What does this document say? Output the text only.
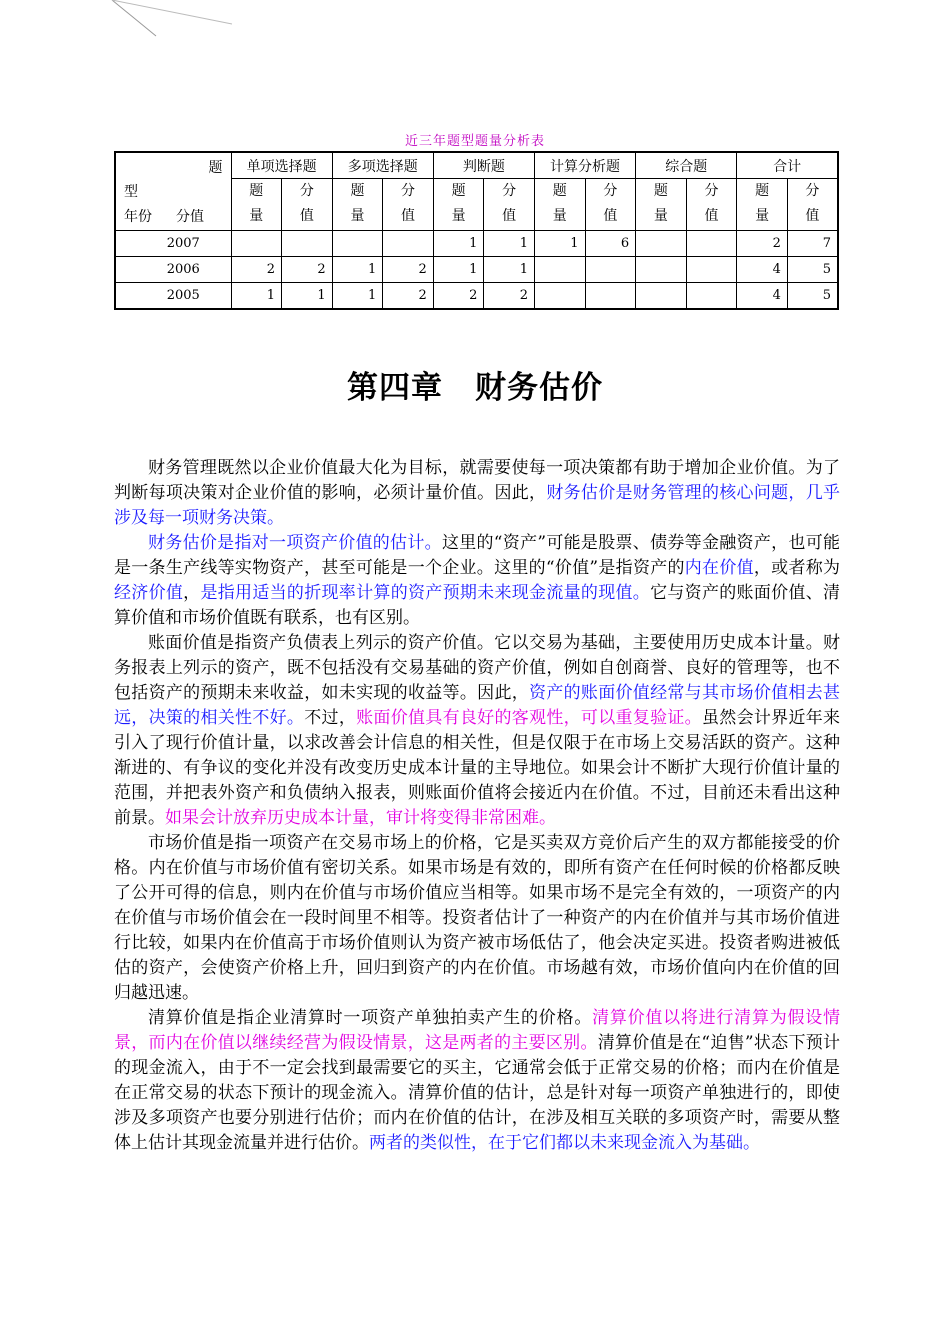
近三年题型题量分析表
题
型
年份 分值	单项选择题		多项选择题		判断题		计算分析题		综合题		合计	
	题量	分值	题量	分值	题量	分值	题量	分值	题量	分值	题量	分值
2007					1	1	1	6			2	7
2006	2	2	1	2	1	1					4	5
2005	1	1	1	2	2	2					4	5
第四章　财务估价

财务管理既然以企业价值最大化为目标，就需要使每一项决策都有助于增加企业价值。为了判断每项决策对企业价值的影响，必须计量价值。因此，财务估价是财务管理的核心问题，几乎涉及每一项财务决策。

财务估价是指对一项资产价值的估计。这里的“资产”可能是股票、债券等金融资产，也可能是一条生产线等实物资产，甚至可能是一个企业。这里的“价值”是指资产的内在价值，或者称为经济价值，是指用适当的折现率计算的资产预期未来现金流量的现值。它与资产的账面价值、清算价值和市场价值既有联系，也有区别。

账面价值是指资产负债表上列示的资产价值。它以交易为基础，主要使用历史成本计量。财务报表上列示的资产，既不包括没有交易基础的资产价值，例如自创商誉、良好的管理等，也不包括资产的预期未来收益，如未实现的收益等。因此，资产的账面价值经常与其市场价值相去甚远，决策的相关性不好。不过，账面价值具有良好的客观性，可以重复验证。虽然会计界近年来引入了现行价值计量，以求改善会计信息的相关性，但是仅限于在市场上交易活跃的资产。这种渐进的、有争议的变化并没有改变历史成本计量的主导地位。如果会计不断扩大现行价值计量的范围，并把表外资产和负债纳入报表，则账面价值将会接近内在价值。不过，目前还未看出这种前景。如果会计放弃历史成本计量，审计将变得非常困难。

市场价值是指一项资产在交易市场上的价格，它是买卖双方竞价后产生的双方都能接受的价格。内在价值与市场价值有密切关系。如果市场是有效的，即所有资产在任何时候的价格都反映了公开可得的信息，则内在价值与市场价值应当相等。如果市场不是完全有效的，一项资产的内在价值与市场价值会在一段时间里不相等。投资者估计了一种资产的内在价值并与其市场价值进行比较，如果内在价值高于市场价值则认为资产被市场低估了，他会决定买进。投资者购进被低估的资产，会使资产价格上升，回归到资产的内在价值。市场越有效，市场价值向内在价值的回归越迅速。

清算价值是指企业清算时一项资产单独拍卖产生的价格。清算价值以将进行清算为假设情景，而内在价值以继续经营为假设情景，这是两者的主要区别。清算价值是在“迫售”状态下预计的现金流入，由于不一定会找到最需要它的买主，它通常会低于正常交易的价格；而内在价值是在正常交易的状态下预计的现金流入。清算价值的估计，总是针对每一项资产单独进行的，即使涉及多项资产也要分别进行估价；而内在价值的估计，在涉及相互关联的多项资产时，需要从整体上估计其现金流量并进行估价。两者的类似性，在于它们都以未来现金流入为基础。
